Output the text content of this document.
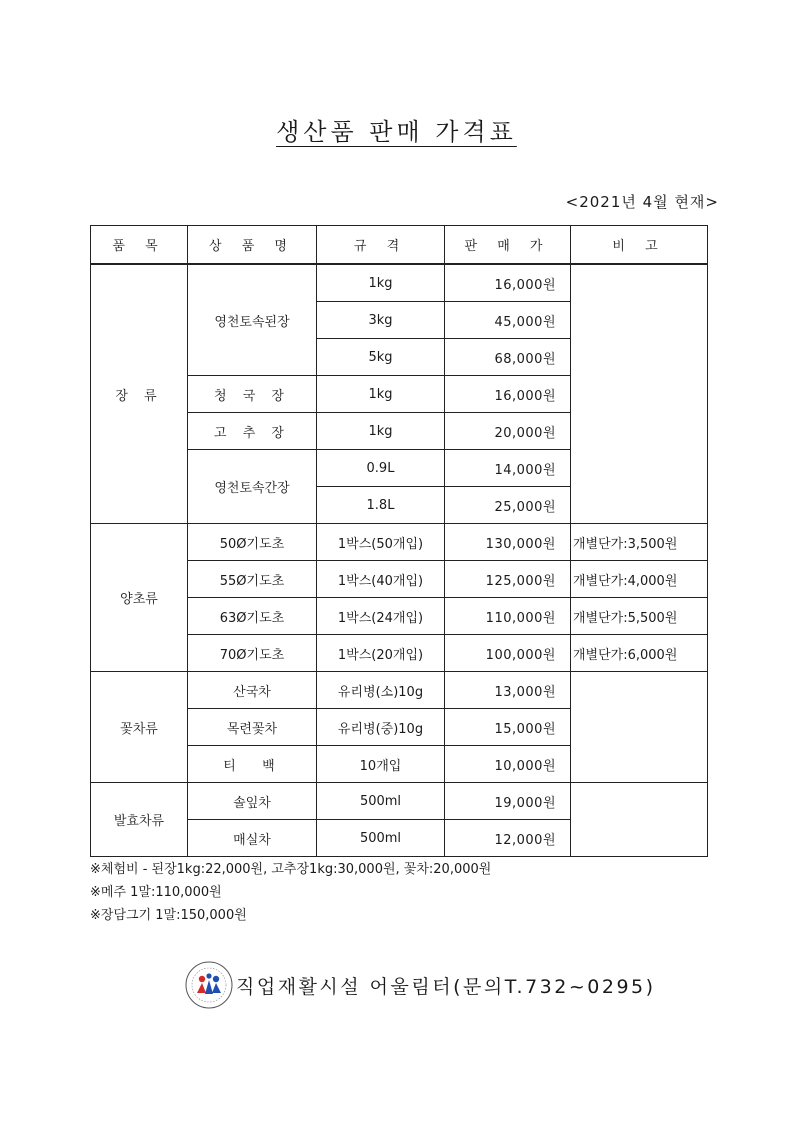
생산품 판매 가격표
<2021년 4월 현재>
품 목	상 품 명	규 격	판 매 가	비 고
장 류	영천토속된장	1kg	16,000원	
		3kg	45,000원	
		5kg	68,000원	
	청 국 장	1kg	16,000원	
	고 추 장	1kg	20,000원	
	영천토속간장	0.9L	14,000원	
		1.8L	25,000원	
양초류	50Ø기도초	1박스(50개입)	130,000원	개별단가:3,500원
	55Ø기도초	1박스(40개입)	125,000원	개별단가:4,000원
	63Ø기도초	1박스(24개입)	110,000원	개별단가:5,500원
	70Ø기도초	1박스(20개입)	100,000원	개별단가:6,000원
꽃차류	산국차	유리병(소)10g	13,000원	
	목련꽃차	유리병(중)10g	15,000원	
	티  백	10개입	10,000원	
발효차류	솔잎차	500ml	19,000원	
	매실차	500ml	12,000원	
※체험비 - 된장1kg:22,000원, 고추장1kg:30,000원, 꽃차:20,000원
※메주 1말:110,000원
※장담그기 1말:150,000원
직업재활시설 어울림터(문의T.732~0295)
